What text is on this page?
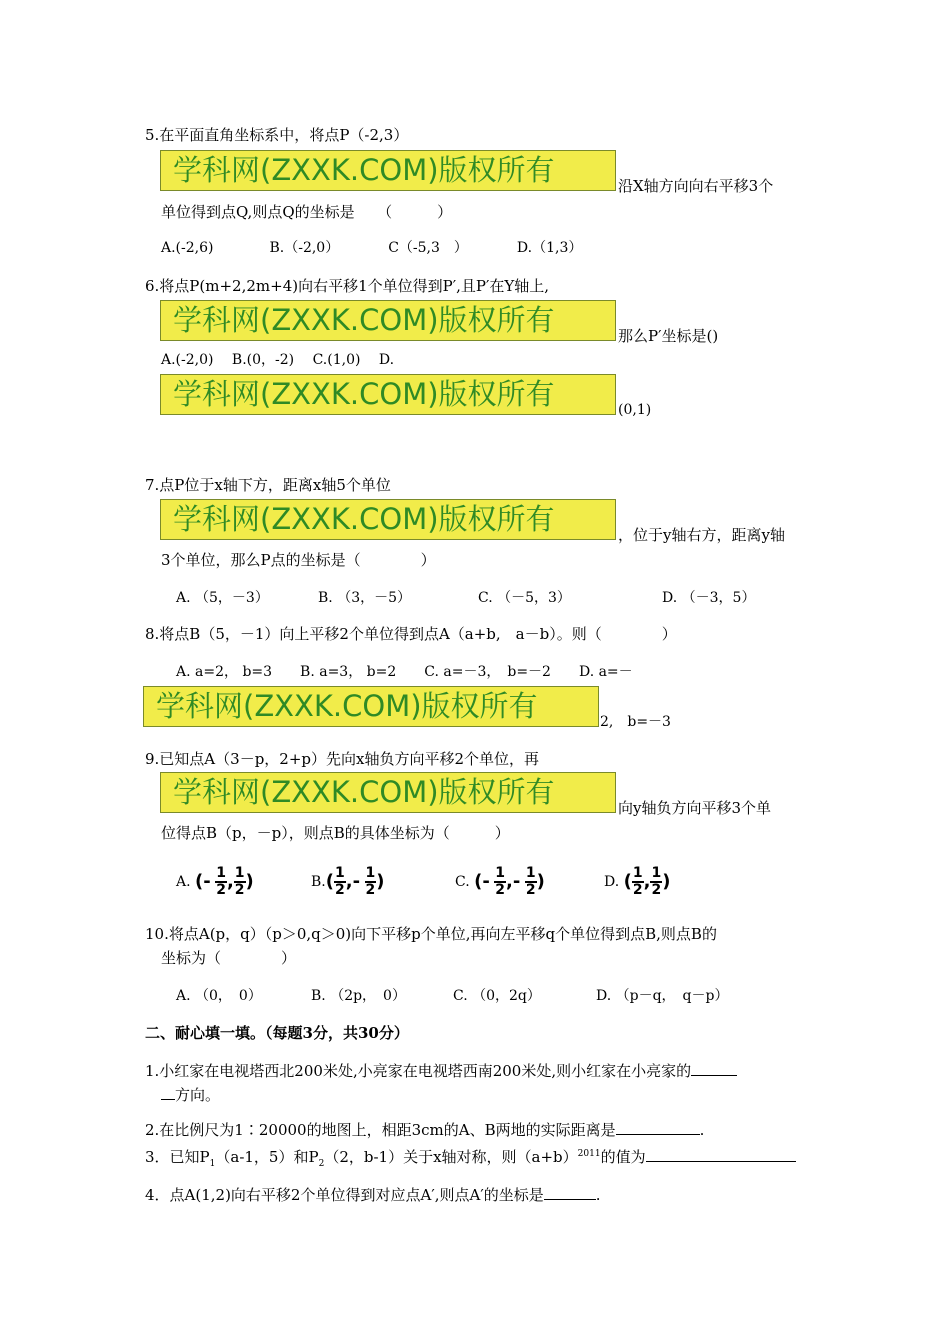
5.在平面直角坐标系中，将点P（-2,3）
学科网(ZXXK.COM)版权所有	沿X轴方向向右平移3个
单位得到点Q,则点Q的坐标是　　（　　　）
A.(-2,6)　　　　B.（-2,0）　　　　C（-5,3　）　　　　D.（1,3）
6.将点P(m+2,2m+4)向右平移1个单位得到P′,且P′在Y轴上,
学科网(ZXXK.COM)版权所有	那么P′坐标是()
A.(-2,0)　 B.(0，-2)　 C.(1,0)　 D.
学科网(ZXXK.COM)版权所有	(0,1)
7.点P位于x轴下方，距离x轴5个单位
学科网(ZXXK.COM)版权所有	，位于y轴右方，距离y轴
3个单位，那么P点的坐标是（　　　　）
A. （5，－3）	B. （3，－5）	C. （－5，3）	D. （－3，5）
8.将点B（5，－1）向上平移2个单位得到点A（a+b,　a－b）。则（　　　　）
A. a=2， b=3　　B. a=3， b=2　　C. a=－3，　b=－2　　D. a=－
学科网(ZXXK.COM)版权所有	2,　b=－3
9.已知点A（3－p，2+p）先向x轴负方向平移2个单位，再
学科网(ZXXK.COM)版权所有	向y轴负方向平移3个单
位得点B（p，－p），则点B的具体坐标为（　　　）
A. (- $\frac{1}{2}$ , $\frac{1}{2}$ )	$B.( \frac{1}{2}$ ,- $\frac{1}{2}$ )	C. (- $\frac{1}{2}$ ,- $\frac{1}{2}$ )	D. ( $\frac{1}{2}$ , $\frac{1}{2}$ )
10.将点A(p，q）（p＞0,q＞0)向下平移p个单位,再向左平移q个单位得到点B,则点B的
坐标为（　　　　）
A. （0，　0）	B. （2p，　0）	C. （0，2q）	D. （p－q，　q－p）
二、耐心填一填。（每题3分，共30分）
1.小红家在电视塔西北200米处,小亮家在电视塔西南200米处,则小红家在小亮家的
方向。
2.在比例尺为1∶20000的地图上，相距3cm的A、B两地的实际距离是	.
3．已知$P_1(a-1$，5）和$P_2(2$，b-1）关于x轴对称，则$(a+b)^{2011}$的值为
4．点A(1,2)向右平移2个单位得到对应点A′,则点A′的坐标是	.
